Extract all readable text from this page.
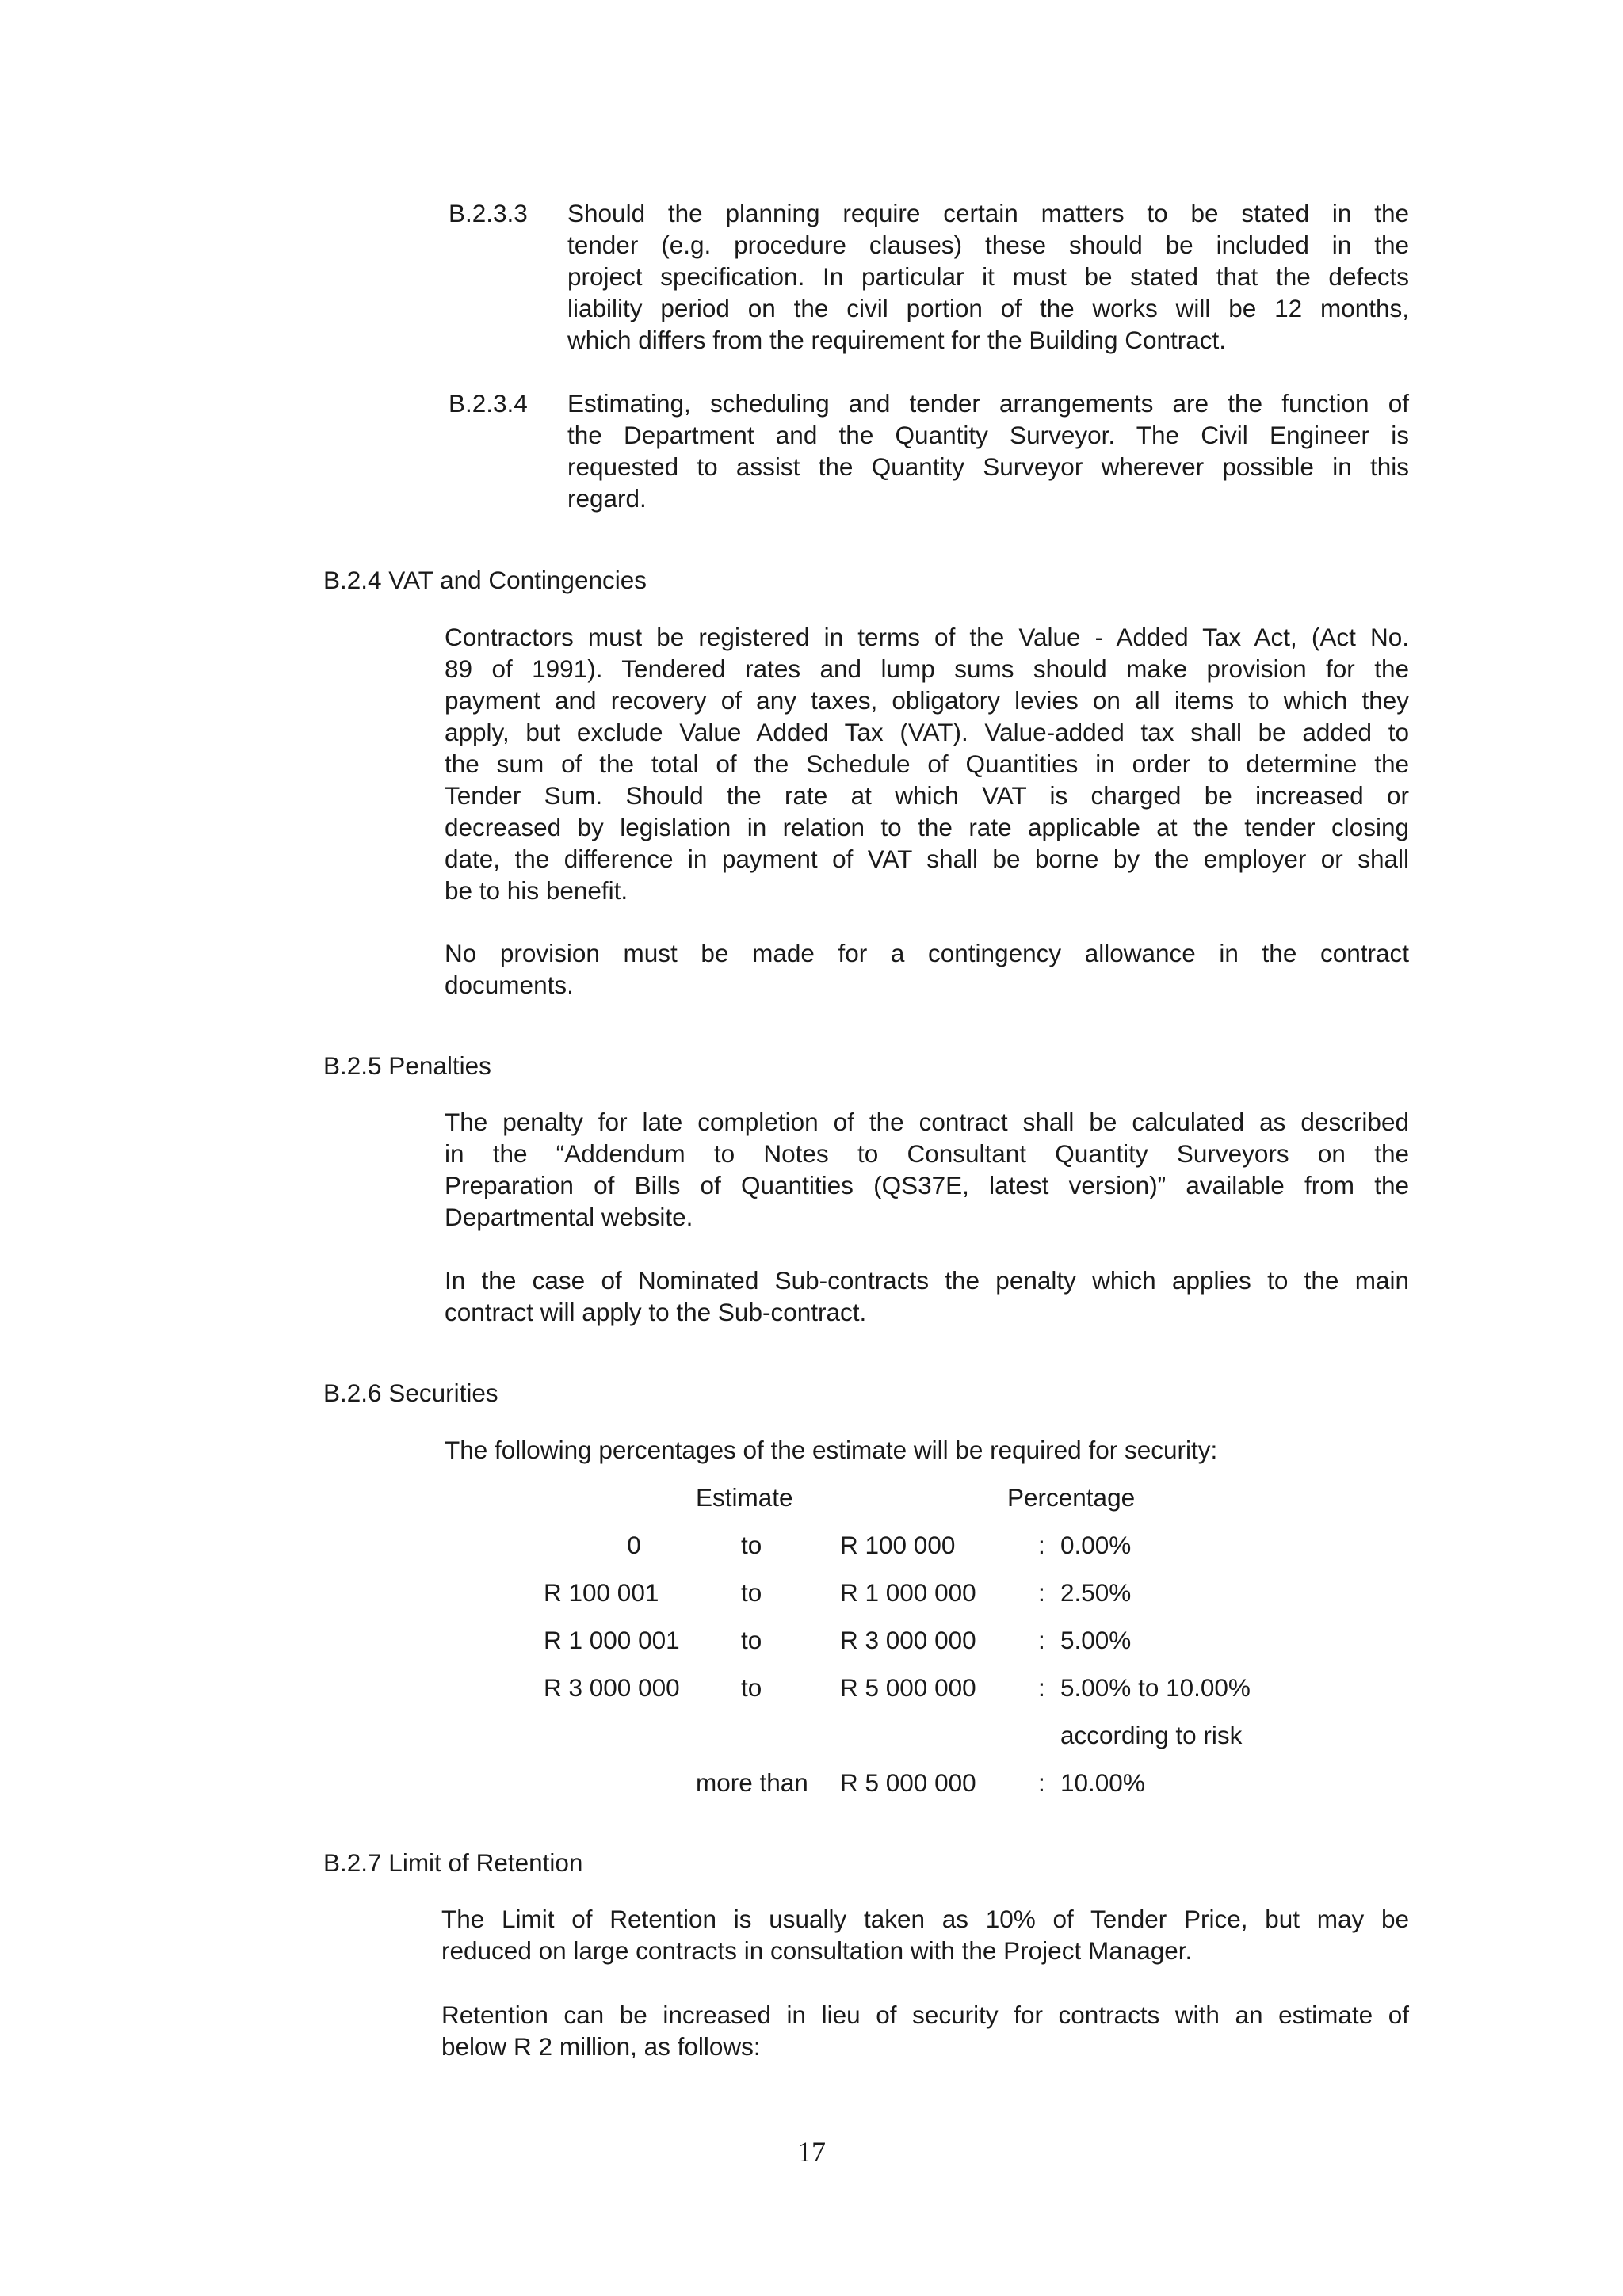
B.2.3.3 Should the planning require certain matters to be stated in the
tender (e.g. procedure clauses) these should be included in the
project specification. In particular it must be stated that the defects
liability period on the civil portion of the works will be 12 months,
which differs from the requirement for the Building Contract.
B.2.3.4 Estimating, scheduling and tender arrangements are the function of
the Department and the Quantity Surveyor. The Civil Engineer is
requested to assist the Quantity Surveyor wherever possible in this
regard.
B.2.4 VAT and Contingencies
Contractors must be registered in terms of the Value - Added Tax Act, (Act No.
89 of 1991). Tendered rates and lump sums should make provision for the
payment and recovery of any taxes, obligatory levies on all items to which they
apply, but exclude Value Added Tax (VAT). Value-added tax shall be added to
the sum of the total of the Schedule of Quantities in order to determine the
Tender Sum. Should the rate at which VAT is charged be increased or
decreased by legislation in relation to the rate applicable at the tender closing
date, the difference in payment of VAT shall be borne by the employer or shall
be to his benefit.
No provision must be made for a contingency allowance in the contract
documents.
B.2.5 Penalties
The penalty for late completion of the contract shall be calculated as described
in the “Addendum to Notes to Consultant Quantity Surveyors on the
Preparation of Bills of Quantities (QS37E, latest version)” available from the
Departmental website.
In the case of Nominated Sub-contracts the penalty which applies to the main
contract will apply to the Sub-contract.
B.2.6 Securities
The following percentages of the estimate will be required for security:
Estimate	Percentage
0	to	R 100 000	: 0.00%
R 100 001	to	R 1 000 000 : 2.50%
R 1 000 001 to	R 3 000 000 : 5.00%
R 3 000 000 to	R 5 000 000 : 5.00% to 10.00%
according to risk
more than R 5 000 000 : 10.00%
B.2.7 Limit of Retention
The Limit of Retention is usually taken as 10% of Tender Price, but may be
reduced on large contracts in consultation with the Project Manager.
Retention can be increased in lieu of security for contracts with an estimate of
below R 2 million, as follows:
17
